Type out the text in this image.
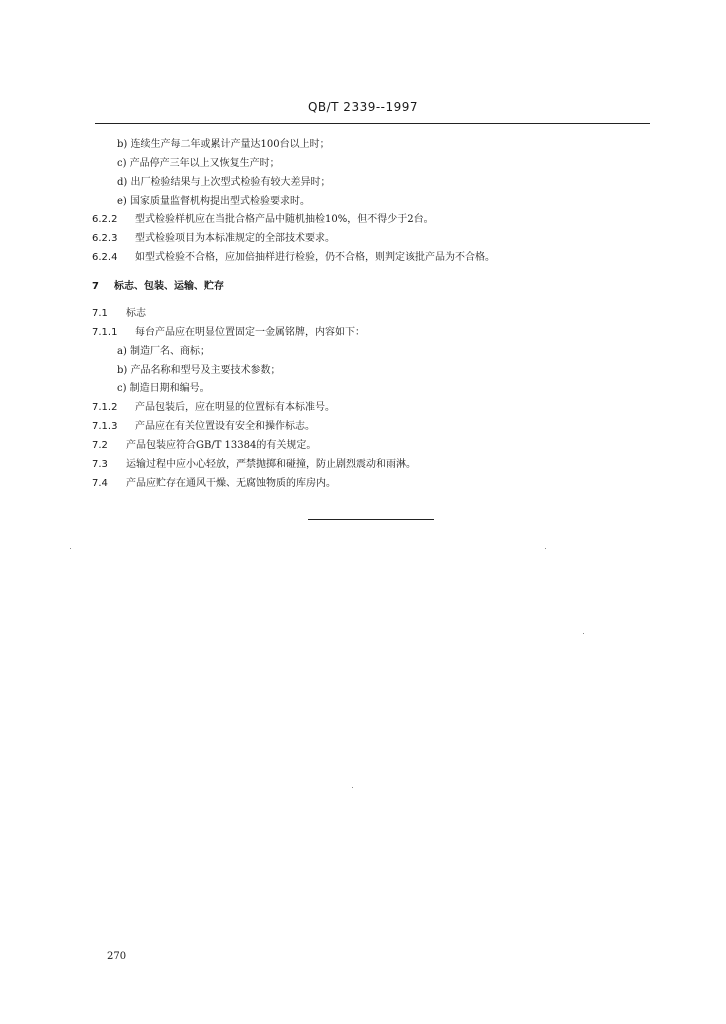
QB/T 2339--1997
b) 连续生产每二年或累计产量达100台以上时；
c) 产品停产三年以上又恢复生产时；
d) 出厂检验结果与上次型式检验有较大差异时；
e) 国家质量监督机构提出型式检验要求时。
6.2.2 型式检验样机应在当批合格产品中随机抽检10%，但不得少于2台。
6.2.3 型式检验项目为本标准规定的全部技术要求。
6.2.4 如型式检验不合格，应加倍抽样进行检验，仍不合格，则判定该批产品为不合格。
7 标志、包装、运输、贮存
7.1 标志
7.1.1 每台产品应在明显位置固定一金属铭牌，内容如下：
a) 制造厂名、商标；
b) 产品名称和型号及主要技术参数；
c) 制造日期和编号。
7.1.2 产品包装后，应在明显的位置标有本标准号。
7.1.3 产品应在有关位置设有安全和操作标志。
7.2 产品包装应符合GB/T 13384的有关规定。
7.3 运输过程中应小心轻放，严禁抛掷和碰撞，防止剧烈震动和雨淋。
7.4 产品应贮存在通风干燥、无腐蚀物质的库房内。
270
